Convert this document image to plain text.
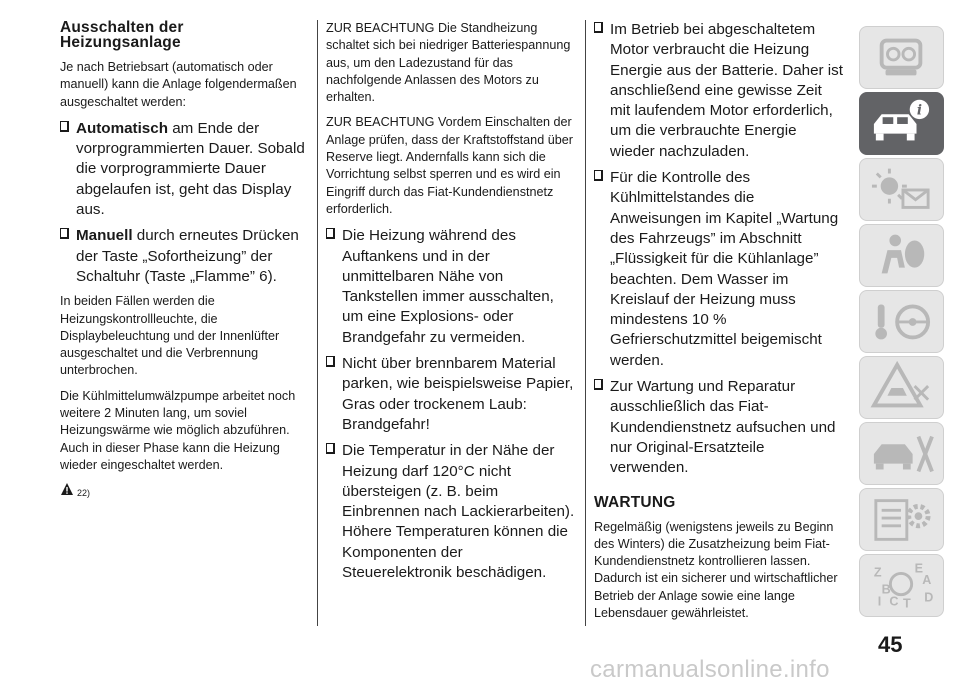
Ausschalten der
Heizungsanlage

Je nach Betriebsart (automatisch oder manuell) kann die Anlage folgendermaßen ausgeschaltet werden:

Automatisch am Ende der vorprogrammierten Dauer. Sobald die vorprogrammierte Dauer abgelaufen ist, geht das Display aus.
Manuell durch erneutes Drücken der Taste „Sofortheizung” der Schaltuhr (Taste „Flamme” 6).

In beiden Fällen werden die Heizungskontrollleuchte, die Displaybeleuchtung und der Innenlüfter ausgeschaltet und die Verbrennung unterbrochen.

Die Kühlmittelumwälzpumpe arbeitet noch weitere 2 Minuten lang, um soviel Heizungswärme wie möglich abzuführen. Auch in dieser Phase kann die Heizung wieder eingeschaltet werden.

22)

ZUR BEACHTUNG Die Standheizung schaltet sich bei niedriger Batteriespannung aus, um den Ladezustand für das nachfolgende Anlassen des Motors zu erhalten.

ZUR BEACHTUNG Vordem Einschalten der Anlage prüfen, dass der Kraftstoffstand über Reserve liegt. Andernfalls kann sich die Vorrichtung selbst sperren und es wird ein Eingriff durch das Fiat-Kundendienstnetz erforderlich.

Die Heizung während des Auftankens und in der unmittelbaren Nähe von Tankstellen immer ausschalten, um eine Explosions- oder Brandgefahr zu vermeiden.
Nicht über brennbarem Material parken, wie beispielsweise Papier, Gras oder trockenem Laub: Brandgefahr!
Die Temperatur in der Nähe der Heizung darf 120°C nicht übersteigen (z. B. beim Einbrennen nach Lackierarbeiten). Höhere Temperaturen können die Komponenten der Steuerelektronik beschädigen.
Im Betrieb bei abgeschaltetem Motor verbraucht die Heizung Energie aus der Batterie. Daher ist anschließend eine gewisse Zeit mit laufendem Motor erforderlich, um die verbrauchte Energie wieder nachzuladen.
Für die Kontrolle des Kühlmittelstandes die Anweisungen im Kapitel „Wartung des Fahrzeugs” im Abschnitt „Flüssigkeit für die Kühlanlage” beachten. Dem Wasser im Kreislauf der Heizung muss mindestens 10 % Gefrierschutzmittel beigemischt werden.
Zur Wartung und Reparatur ausschließlich das Fiat-Kundendienstnetz aufsuchen und nur Original-Ersatzteile verwenden.
WARTUNG

Regelmäßig (wenigstens jeweils zu Beginn des Winters) die Zusatzheizung beim Fiat-Kundendienstnetz kontrollieren lassen. Dadurch ist ein sicherer und wirtschaftlicher Betrieb der Anlage sowie eine lange Lebensdauer gewährleistet.

45
carmanualsonline.info
i
Z	E
A
B
C D
I T
